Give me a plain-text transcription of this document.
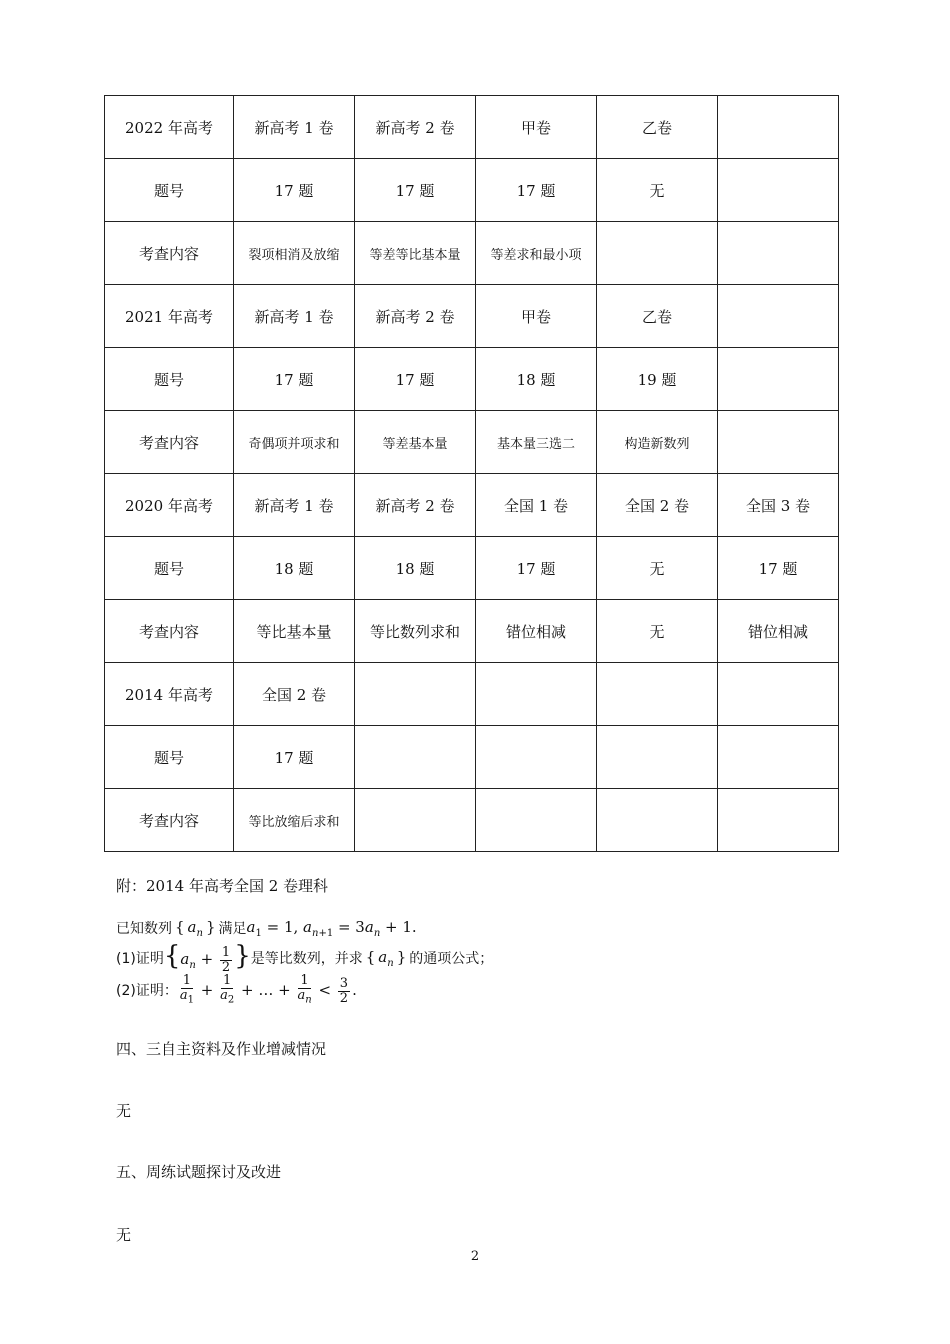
2022 年高考	新高考 1 卷	新高考 2 卷	甲卷	乙卷	
题号	17 题	17 题	17 题	无	
考查内容	裂项相消及放缩	等差等比基本量	等差求和最小项		
2021 年高考	新高考 1 卷	新高考 2 卷	甲卷	乙卷	
题号	17 题	17 题	18 题	19 题	
考查内容	奇偶项并项求和	等差基本量	基本量三选二	构造新数列	
2020 年高考	新高考 1 卷	新高考 2 卷	全国 1 卷	全国 2 卷	全国 3 卷
题号	18 题	18 题	17 题	无	17 题
考查内容	等比基本量	等比数列求和	错位相减	无	错位相减
2014 年高考	全国 2 卷				
题号	17 题				
考查内容	等比放缩后求和				
附：2014 年高考全国 2 卷理科
已知数列
  { $a_n$  }  满足 $a_1 = 1$, $a_{n+1} = 3a_n + 1$.
(1)证明 {$a_n + \frac{1}{2}$ } 是等比数列，并求
  { $a_n$  }  的通项公式；
(2)证明： $\frac{1}{a_1} + \frac{1}{a_2}$ + … + $\frac{1}{a_n} < \frac{3}{2}$ .
四、三自主资料及作业增减情况
无
五、周练试题探讨及改进
无
2
